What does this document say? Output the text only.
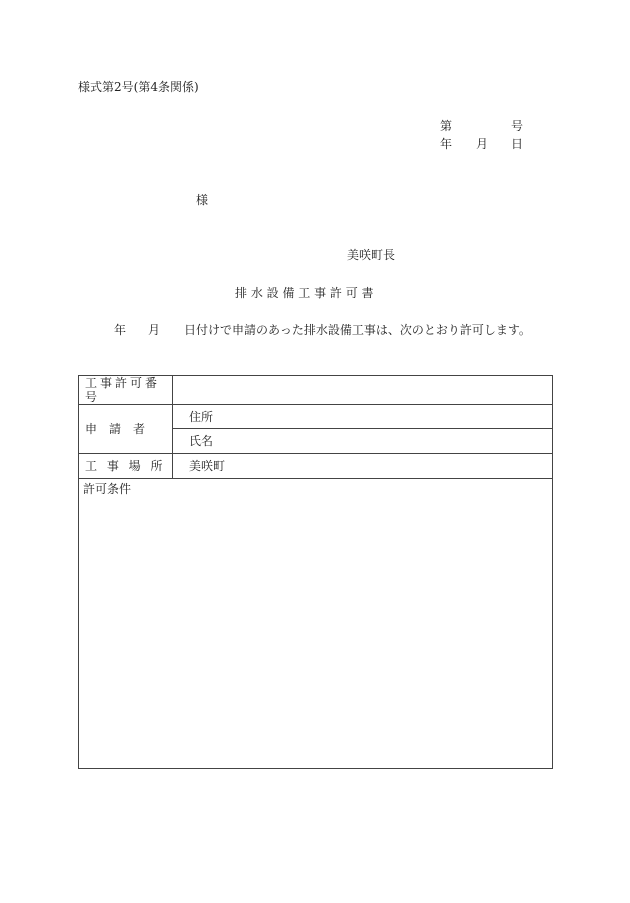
様式第2号(第4条関係)
第	号
年 月 日
様
美咲町長
排 水 設 備 工 事 許 可 書
年 月 日付けで申請のあった排水設備工事は、次のとおり許可します。
工事許可番号	
申　請　者	住所
	氏名
工 事 場 所	美咲町
許可条件	
